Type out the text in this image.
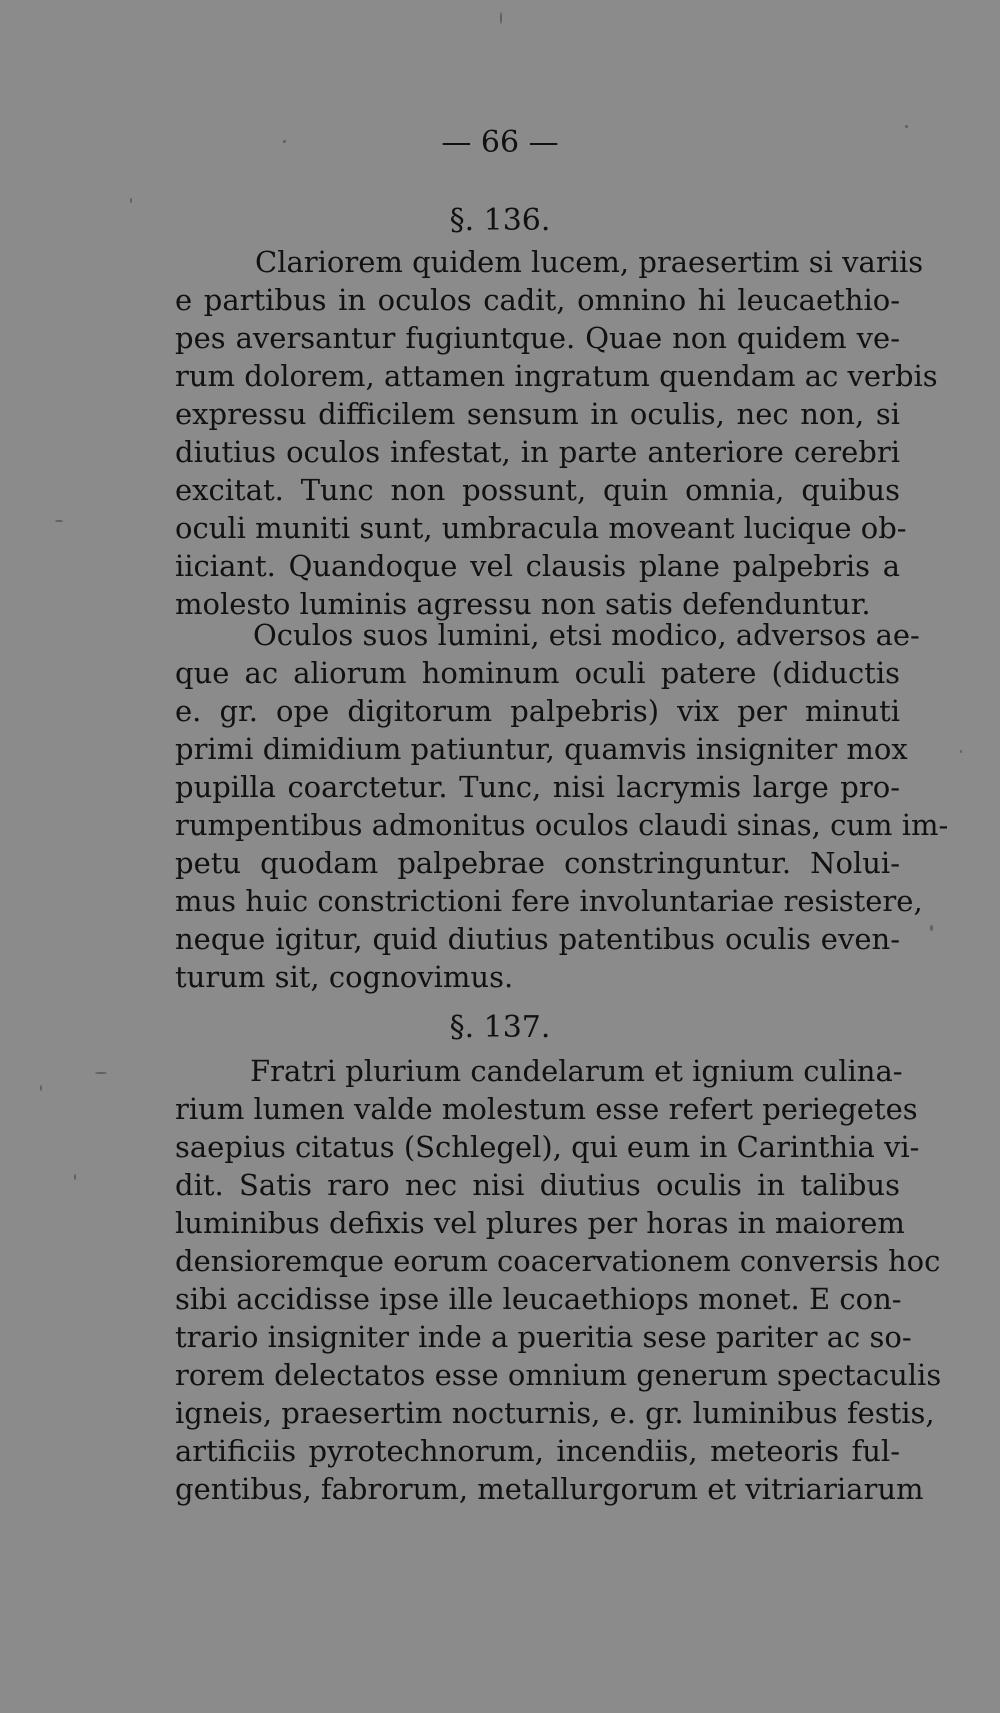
— 66 —
§. 136.
Clariorem quidem lucem, praesertim si variis
e partibus in oculos cadit, omnino hi leucaethio-
pes aversantur fugiuntque. Quae non quidem ve-
rum dolorem, attamen ingratum quendam ac verbis
expressu difficilem sensum in oculis, nec non, si
diutius oculos infestat, in parte anteriore cerebri
excitat. Tunc non possunt, quin omnia, quibus
oculi muniti sunt, umbracula moveant lucique ob-
iiciant. Quandoque vel clausis plane palpebris a
molesto luminis agressu non satis defenduntur.
Oculos suos lumini, etsi modico, adversos ae-
que ac aliorum hominum oculi patere (diductis
e. gr. ope digitorum palpebris) vix per minuti
primi dimidium patiuntur, quamvis insigniter mox
pupilla coarctetur. Tunc, nisi lacrymis large pro-
rumpentibus admonitus oculos claudi sinas, cum im-
petu quodam palpebrae constringuntur. Nolui-
mus huic constrictioni fere involuntariae resistere,
neque igitur, quid diutius patentibus oculis even-
turum sit, cognovimus.
§. 137.
Fratri plurium candelarum et ignium culina-
rium lumen valde molestum esse refert periegetes
saepius citatus (Schlegel), qui eum in Carinthia vi-
dit. Satis raro nec nisi diutius oculis in talibus
luminibus defixis vel plures per horas in maiorem
densioremque eorum coacervationem conversis hoc
sibi accidisse ipse ille leucaethiops monet. E con-
trario insigniter inde a pueritia sese pariter ac so-
rorem delectatos esse omnium generum spectaculis
igneis, praesertim nocturnis, e. gr. luminibus festis,
artificiis pyrotechnorum, incendiis, meteoris ful-
gentibus, fabrorum, metallurgorum et vitriariarum
